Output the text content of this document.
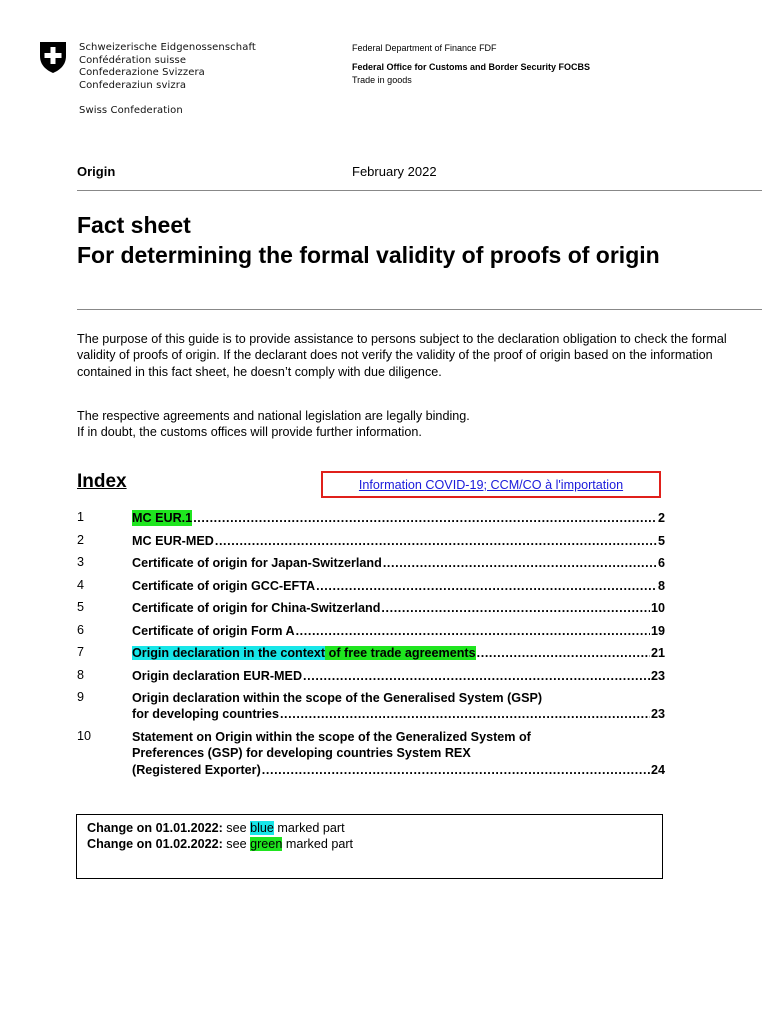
Schweizerische Eidgenossenschaft
Confédération suisse
Confederazione Svizzera
Confederaziun svizra
Swiss Confederation
Federal Department of Finance FDF
Federal Office for Customs and Border Security FOCBS
Trade in goods
Origin	February 2022
Fact sheet
For determining the formal validity of proofs of origin
The purpose of this guide is to provide assistance to persons subject to the declaration obligation to check the formal validity of proofs of origin. If the declarant does not verify the validity of the proof of origin based on the information contained in this fact sheet, he doesn’t comply with due diligence.
The respective agreements and national legislation are legally binding.
If in doubt, the customs offices will provide further information.
Index	Information COVID-19; CCM/CO à l'importation
1	MC EUR.1 .....	2
2	MC EUR-MED .....	5
3	Certificate of origin for Japan-Switzerland .....	6
4	Certificate of origin GCC-EFTA .....	8
5	Certificate of origin for China-Switzerland .....	10
6	Certificate of origin Form A .....	19
7	Origin declaration in the context of free trade agreements .....	21
8	Origin declaration EUR-MED .....	23
9	Origin declaration within the scope of the Generalised System (GSP)
for developing countries .....	23
10	Statement on Origin within the scope of the Generalized System of
Preferences (GSP) for developing countries System REX
(Registered Exporter) .....	24
Change on 01.01.2022: see blue marked part
Change on 01.02.2022: see green marked part
